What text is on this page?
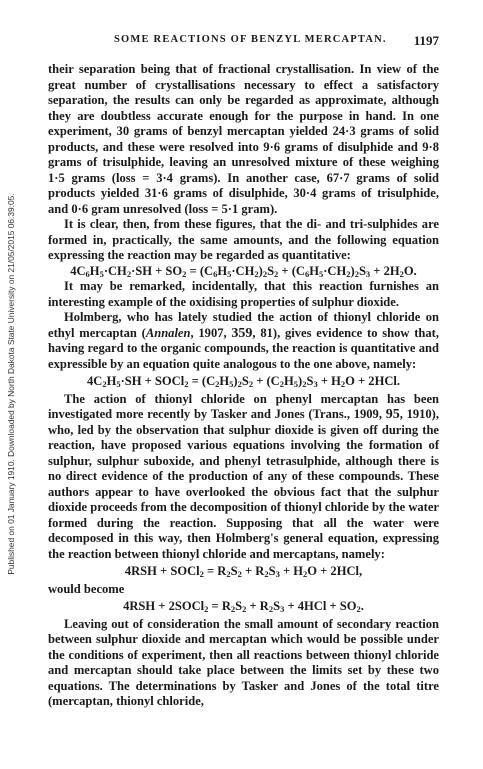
Published on 01 January 1910. Downloaded by North Dakota State University on 21/05/2015 06:39:05.
SOME REACTIONS OF BENZYL MERCAPTAN. 1197

their separation being that of fractional crystallisation. In view of the great number of crystallisations necessary to effect a satisfactory separation, the results can only be regarded as approximate, although they are doubtless accurate enough for the purpose in hand. In one experiment, 30 grams of benzyl mercaptan yielded 24·3 grams of solid products, and these were resolved into 9·6 grams of disulphide and 9·8 grams of trisulphide, leaving an unresolved mixture of these weighing 1·5 grams (loss = 3·4 grams). In another case, 67·7 grams of solid products yielded 31·6 grams of disulphide, 30·4 grams of trisulphide, and 0·6 gram unresolved (loss = 5·1 gram).

It is clear, then, from these figures, that the di- and tri-sulphides are formed in, practically, the same amounts, and the following equation expressing the reaction may be regarded as quantitative:

$4C_6H_5\cdot CH_2\cdot SH + SO_2 = (C_6H_5\cdot CH_2)_2S_2 + (C_6H_5\cdot CH_2)_2S_3 + 2H_2O$.

It may be remarked, incidentally, that this reaction furnishes an interesting example of the oxidising properties of sulphur dioxide.

Holmberg, who has lately studied the action of thionyl chloride on ethyl mercaptan (Annalen, 1907, 359, 81), gives evidence to show that, having regard to the organic compounds, the reaction is quantitative and expressible by an equation quite analogous to the one above, namely:

$4C_2H_5\cdot SH$ + SOCl$_2$ = $(C_2H_5)_2S_2 + (C_2H_5)_2S_3 + H_2O + 2HCl$.

The action of thionyl chloride on phenyl mercaptan has been investigated more recently by Tasker and Jones (Trans., 1909, 95, 1910), who, led by the observation that sulphur dioxide is given off during the reaction, have proposed various equations involving the formation of sulphur, sulphur suboxide, and phenyl tetrasulphide, although there is no direct evidence of the production of any of these compounds. These authors appear to have overlooked the obvious fact that the sulphur dioxide proceeds from the decomposition of thionyl chloride by the water formed during the reaction. Supposing that all the water were decomposed in this way, then Holmberg's general equation, expressing the reaction between thionyl chloride and mercaptans, namely:

4RSH + SOCl$_2$ = $R_2S_2 + R_2S_3 + H_2O + 2HCl$,

would become

4RSH + 2SOCl$_2$ = $R_2S_2 + R_2S_3 + 4HCl + SO_2$.

Leaving out of consideration the small amount of secondary reaction between sulphur dioxide and mercaptan which would be possible under the conditions of experiment, then all reactions between thionyl chloride and mercaptan should take place between the limits set by these two equations. The determinations by Tasker and Jones of the total titre (mercaptan, thionyl chloride,
